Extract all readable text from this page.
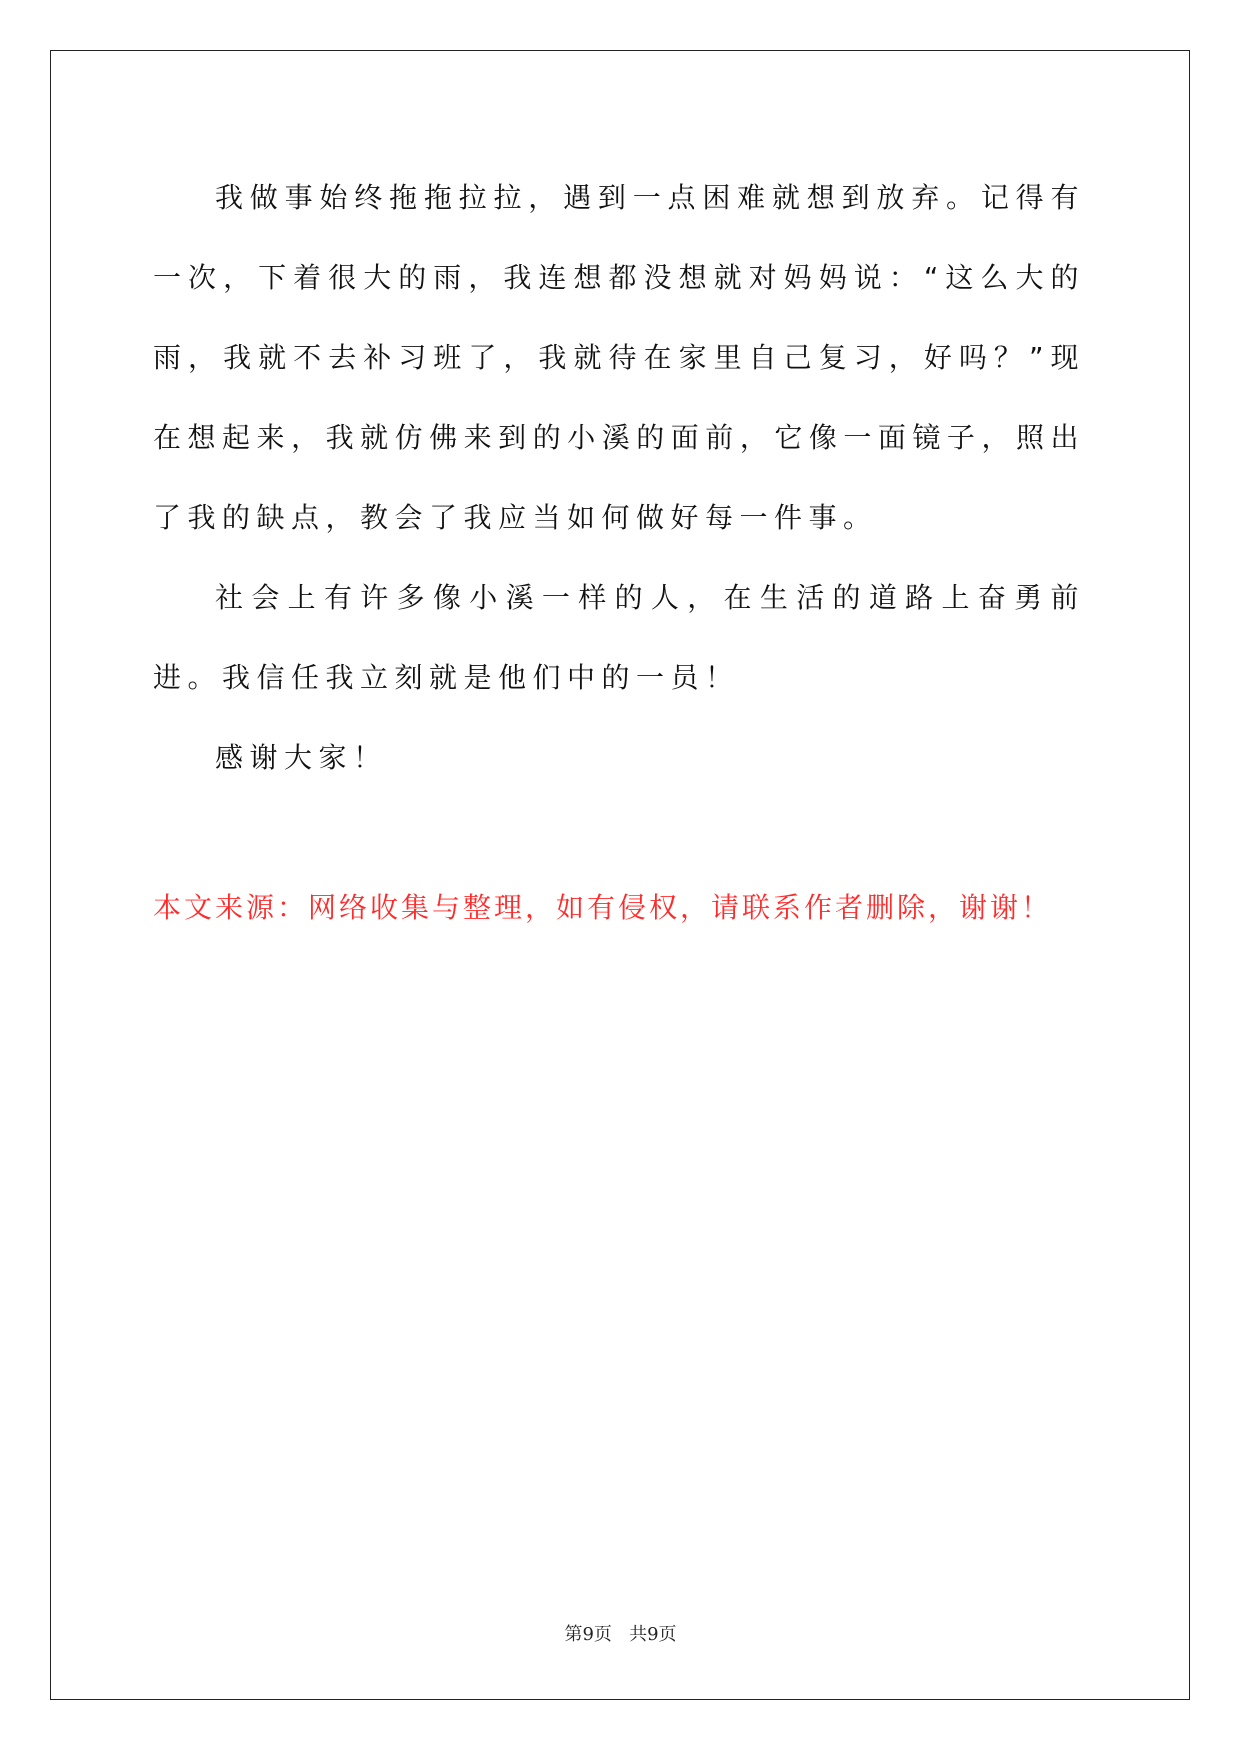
我做事始终拖拖拉拉，遇到一点困难就想到放弃。记得有一次，下着很大的雨，我连想都没想就对妈妈说：“这么大的雨，我就不去补习班了，我就待在家里自己复习，好吗？”现在想起来，我就仿佛来到的小溪的面前，它像一面镜子，照出了我的缺点，教会了我应当如何做好每一件事。

社会上有许多像小溪一样的人，在生活的道路上奋勇前进。我信任我立刻就是他们中的一员！

感谢大家！

本文来源：网络收集与整理，如有侵权，请联系作者删除，谢谢！
第9页   共9页
